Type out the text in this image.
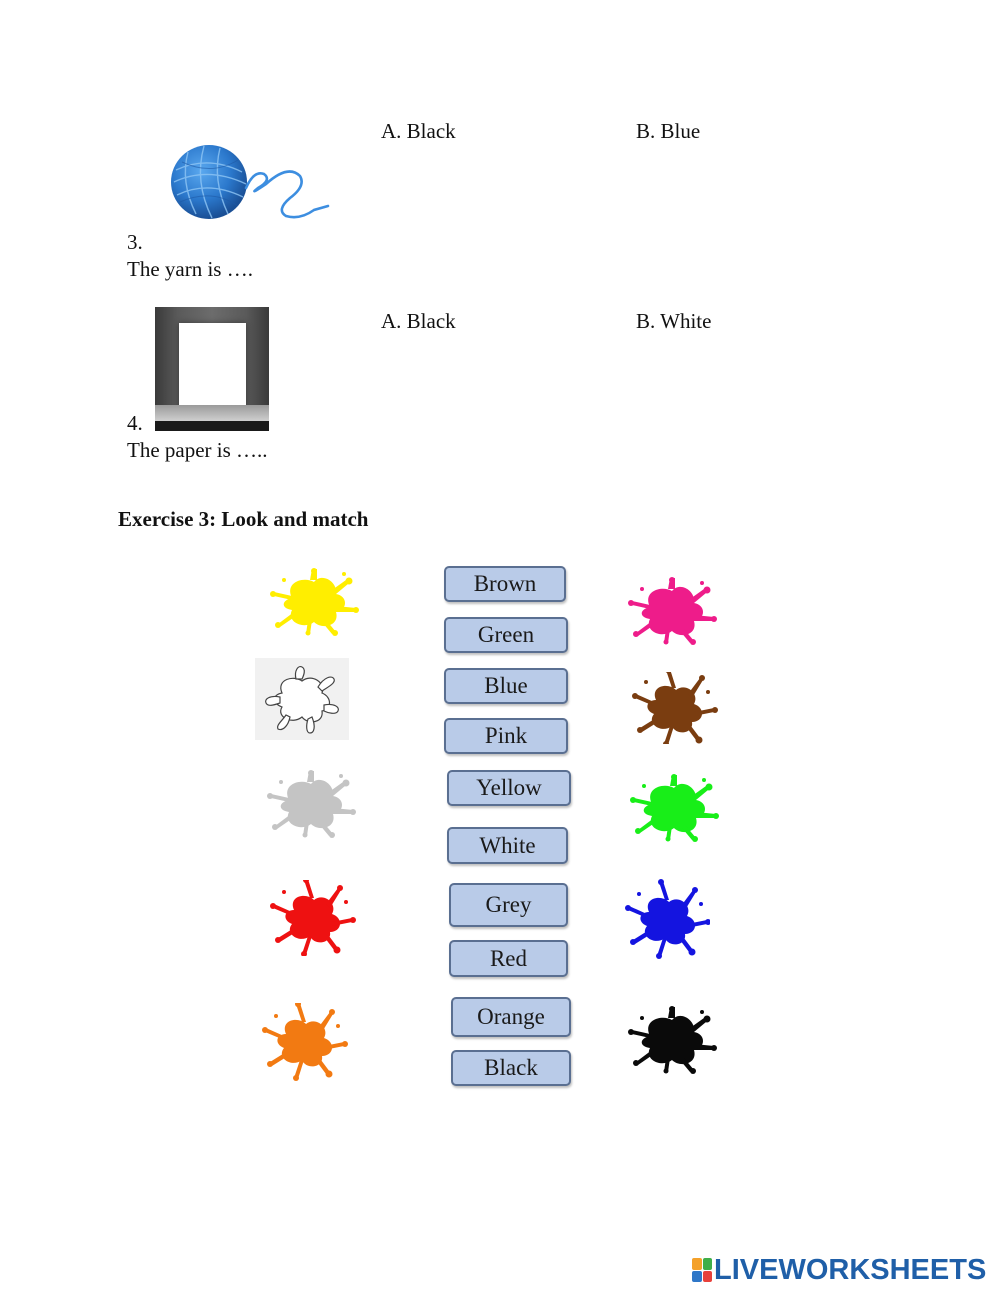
A. Black	B. Blue
3.
The yarn is ….
A. Black	B. White
4.
The paper is …..
Exercise 3: Look and match
Brown
Green
Blue
Pink
Yellow
White
Grey
Red
Orange
Black
LIVEWORKSHEETS
